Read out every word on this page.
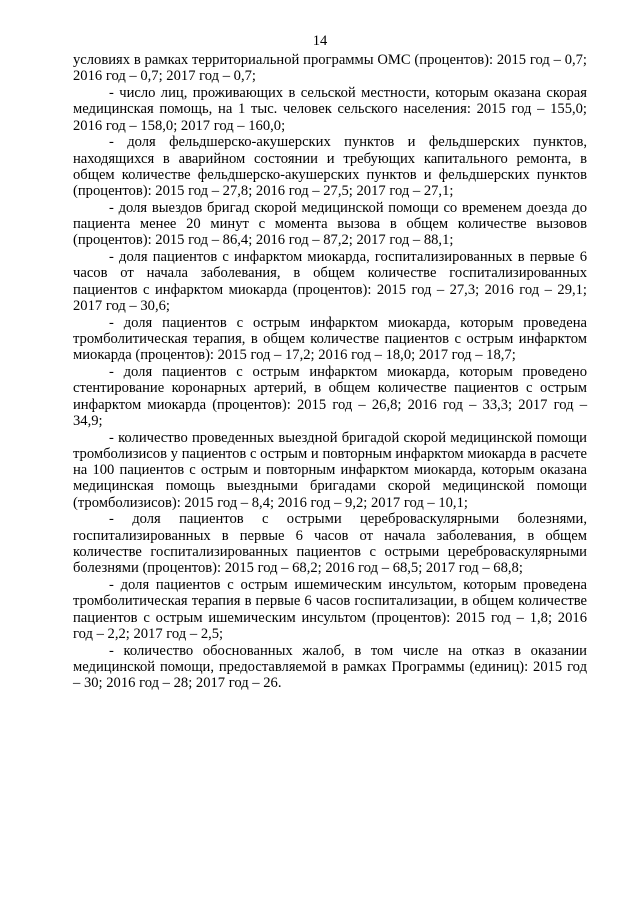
14

условиях в рамках территориальной программы ОМС (процентов): 2015 год – 0,7; 2016 год – 0,7; 2017 год – 0,7;

- число лиц, проживающих в сельской местности, которым оказана скорая медицинская помощь, на 1 тыс. человек сельского населения: 2015 год – 155,0; 2016 год – 158,0; 2017 год – 160,0;

- доля фельдшерско-акушерских пунктов и фельдшерских пунктов, находящихся в аварийном состоянии и требующих капитального ремонта, в общем количестве фельдшерско-акушерских пунктов и фельдшерских пунктов (процентов): 2015 год – 27,8; 2016 год – 27,5; 2017 год – 27,1;

- доля выездов бригад скорой медицинской помощи со временем доезда до пациента менее 20 минут с момента вызова в общем количестве вызовов (процентов): 2015 год – 86,4; 2016 год – 87,2; 2017 год – 88,1;

- доля пациентов с инфарктом миокарда, госпитализированных в первые 6 часов от начала заболевания, в общем количестве госпитализированных пациентов с инфарктом миокарда (процентов): 2015 год – 27,3; 2016 год – 29,1; 2017 год – 30,6;

- доля пациентов с острым инфарктом миокарда, которым проведена тромболитическая терапия, в общем количестве пациентов с острым инфарктом миокарда (процентов): 2015 год – 17,2; 2016 год – 18,0; 2017 год – 18,7;

- доля пациентов с острым инфарктом миокарда, которым проведено стентирование коронарных артерий, в общем количестве пациентов с острым инфарктом миокарда (процентов): 2015 год – 26,8; 2016 год – 33,3; 2017 год – 34,9;

- количество проведенных выездной бригадой скорой медицинской помощи тромболизисов у пациентов с острым и повторным инфарктом миокарда в расчете на 100 пациентов с острым и повторным инфарктом миокарда, которым оказана медицинская помощь выездными бригадами скорой медицинской помощи (тромболизисов): 2015 год – 8,4; 2016 год – 9,2; 2017 год – 10,1;

- доля пациентов с острыми цереброваскулярными болезнями, госпитализированных в первые 6 часов от начала заболевания, в общем количестве госпитализированных пациентов с острыми цереброваскулярными болезнями (процентов): 2015 год – 68,2; 2016 год – 68,5; 2017 год – 68,8;

- доля пациентов с острым ишемическим инсультом, которым проведена тромболитическая терапия в первые 6 часов госпитализации, в общем количестве пациентов с острым ишемическим инсультом (процентов): 2015 год – 1,8; 2016 год – 2,2; 2017 год – 2,5;

- количество обоснованных жалоб, в том числе на отказ в оказании медицинской помощи, предоставляемой в рамках Программы (единиц): 2015 год – 30; 2016 год – 28; 2017 год – 26.
